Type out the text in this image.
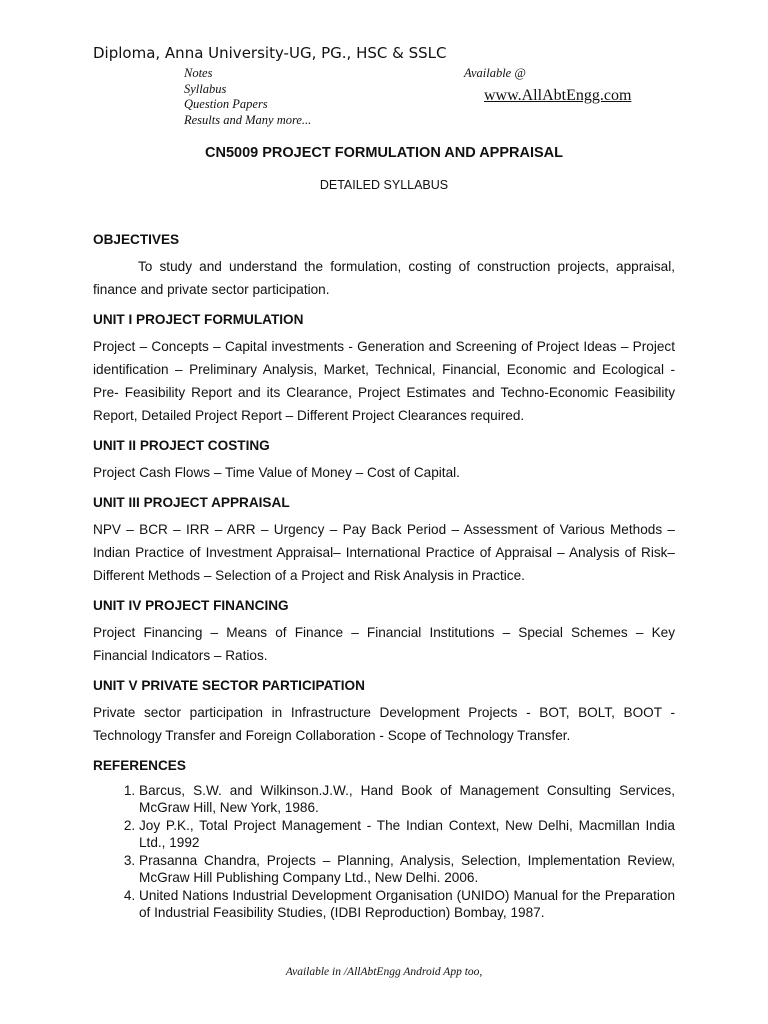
Diploma, Anna University-UG, PG., HSC & SSLC
Notes
Syllabus
Question Papers
Results and Many more...
Available @
www.AllAbtEngg.com
CN5009 PROJECT FORMULATION AND APPRAISAL
DETAILED SYLLABUS

OBJECTIVES

To study and understand the formulation, costing of construction projects, appraisal, finance and private sector participation.

UNIT I PROJECT FORMULATION

Project – Concepts – Capital investments - Generation and Screening of Project Ideas – Project identification – Preliminary Analysis, Market, Technical, Financial, Economic and Ecological - Pre- Feasibility Report and its Clearance, Project Estimates and Techno-Economic Feasibility Report, Detailed Project Report – Different Project Clearances required.

UNIT II PROJECT COSTING

Project Cash Flows – Time Value of Money – Cost of Capital.

UNIT III PROJECT APPRAISAL

NPV – BCR – IRR – ARR – Urgency – Pay Back Period – Assessment of Various Methods – Indian Practice of Investment Appraisal– International Practice of Appraisal – Analysis of Risk– Different Methods – Selection of a Project and Risk Analysis in Practice.

UNIT IV PROJECT FINANCING

Project Financing – Means of Finance – Financial Institutions – Special Schemes – Key Financial Indicators – Ratios.

UNIT V PRIVATE SECTOR PARTICIPATION

Private sector participation in Infrastructure Development Projects - BOT, BOLT, BOOT - Technology Transfer and Foreign Collaboration - Scope of Technology Transfer.

REFERENCES

1. Barcus, S.W. and Wilkinson.J.W., Hand Book of Management Consulting Services, McGraw Hill, New York, 1986.
2. Joy P.K., Total Project Management - The Indian Context, New Delhi, Macmillan India Ltd., 1992
3. Prasanna Chandra, Projects – Planning, Analysis, Selection, Implementation Review, McGraw Hill Publishing Company Ltd., New Delhi. 2006.
4. United Nations Industrial Development Organisation (UNIDO) Manual for the Preparation of Industrial Feasibility Studies, (IDBI Reproduction) Bombay, 1987.
Available in /AllAbtEngg Android App too,
